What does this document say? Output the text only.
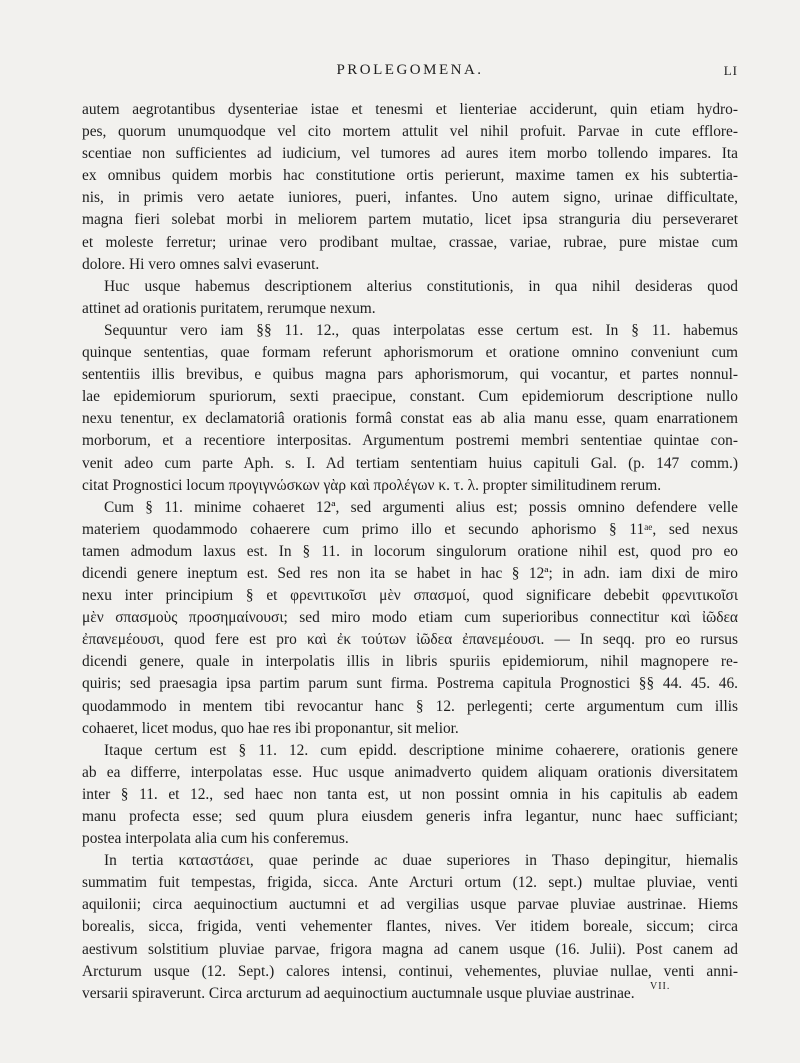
PROLEGOMENA.	LI

autem aegrotantibus dysenteriae istae et tenesmi et lienteriae acciderunt, quin etiam hydro-

pes, quorum unumquodque vel cito mortem attulit vel nihil profuit. Parvae in cute efflore-

scentiae non sufficientes ad iudicium, vel tumores ad aures item morbo tollendo impares. Ita

ex omnibus quidem morbis hac constitutione ortis perierunt, maxime tamen ex his subtertia-

nis, in primis vero aetate iuniores, pueri, infantes. Uno autem signo, urinae difficultate,

magna fieri solebat morbi in meliorem partem mutatio, licet ipsa stranguria diu perseveraret

et moleste ferretur; urinae vero prodibant multae, crassae, variae, rubrae, pure mistae cum

dolore. Hi vero omnes salvi evaserunt.

Huc usque habemus descriptionem alterius constitutionis, in qua nihil desideras quod

attinet ad orationis puritatem, rerumque nexum.

Sequuntur vero iam §§ 11. 12., quas interpolatas esse certum est. In § 11. habemus

quinque sententias, quae formam referunt aphorismorum et oratione omnino conveniunt cum

sententiis illis brevibus, e quibus magna pars aphorismorum, qui vocantur, et partes nonnul-

lae epidemiorum spuriorum, sexti praecipue, constant. Cum epidemiorum descriptione nullo

nexu tenentur, ex declamatoriâ orationis formâ constat eas ab alia manu esse, quam enarrationem

morborum, et a recentiore interpositas. Argumentum postremi membri sententiae quintae con-

venit adeo cum parte Aph. s. I. Ad tertiam sententiam huius capituli Gal. (p. 147 comm.)

citat Prognostici locum προγιγνώσκων γὰρ καὶ προλέγων κ. τ. λ. propter similitudinem rerum.

Cum § 11. minime cohaeret 12ª, sed argumenti alius est; possis omnino defendere velle

materiem quodammodo cohaerere cum primo illo et secundo aphorismo § 11ᵃᵉ, sed nexus

tamen admodum laxus est. In § 11. in locorum singulorum oratione nihil est, quod pro eo

dicendi genere ineptum est. Sed res non ita se habet in hac § 12ª; in adn. iam dixi de miro

nexu inter principium § et φρενιτικοῖσι μὲν σπασμοί, quod significare debebit φρενιτικοῖσι

μὲν σπασμοὺς προσημαίνουσι; sed miro modo etiam cum superioribus connectitur καὶ ἰῶδεα

ἐπανεμέουσι, quod fere est pro καὶ ἐκ τούτων ἰῶδεα ἐπανεμέουσι. — In seqq. pro eo rursus

dicendi genere, quale in interpolatis illis in libris spuriis epidemiorum, nihil magnopere re-

quiris; sed praesagia ipsa partim parum sunt firma. Postrema capitula Prognostici §§ 44. 45. 46.

quodammodo in mentem tibi revocantur hanc § 12. perlegenti; certe argumentum cum illis

cohaeret, licet modus, quo hae res ibi proponantur, sit melior.

Itaque certum est § 11. 12. cum epidd. descriptione minime cohaerere, orationis genere

ab ea differre, interpolatas esse. Huc usque animadverto quidem aliquam orationis diversitatem

inter § 11. et 12., sed haec non tanta est, ut non possint omnia in his capitulis ab eadem

manu profecta esse; sed quum plura eiusdem generis infra legantur, nunc haec sufficiant;

postea interpolata alia cum his conferemus.

In tertia καταστάσει, quae perinde ac duae superiores in Thaso depingitur, hiemalis

summatim fuit tempestas, frigida, sicca. Ante Arcturi ortum (12. sept.) multae pluviae, venti

aquilonii; circa aequinoctium auctumni et ad vergilias usque parvae pluviae austrinae. Hiems

borealis, sicca, frigida, venti vehementer flantes, nives. Ver itidem boreale, siccum; circa

aestivum solstitium pluviae parvae, frigora magna ad canem usque (16. Julii). Post canem ad

Arcturum usque (12. Sept.) calores intensi, continui, vehementes, pluviae nullae, venti anni-

versarii spiraverunt. Circa arcturum ad aequinoctium auctumnale usque pluviae austrinae.	VII.
